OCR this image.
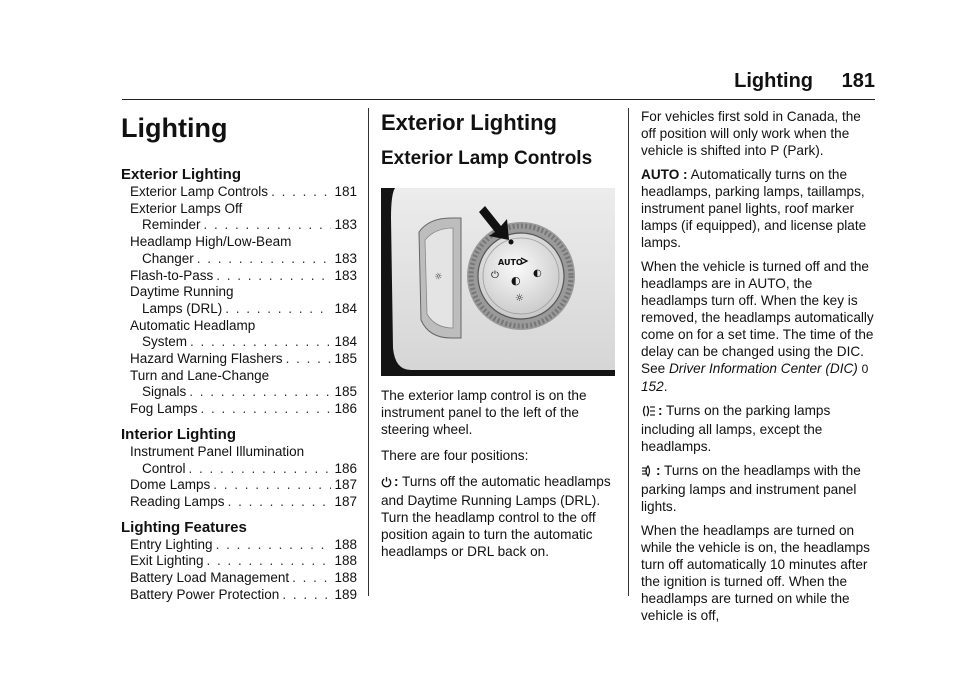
Lighting 181
Lighting
Exterior Lighting
Exterior Lamp Controls . . .	181
Exterior Lamps Off
Reminder . . .	183
Headlamp High/Low-Beam
Changer . . .	183
Flash-to-Pass . . .	183
Daytime Running
Lamps (DRL) . . .	184
Automatic Headlamp
System . . .	184
Hazard Warning Flashers . . .	185
Turn and Lane-Change
Signals . . .	185
Fog Lamps . . .	186
Interior Lighting
Instrument Panel Illumination
Control . . .	186
Dome Lamps . . .	187
Reading Lamps . . .	187
Lighting Features
Entry Lighting . . .	188
Exit Lighting . . .	188
Battery Load Management . . .	188
Battery Power Protection . . .	189
Exterior Lighting
Exterior Lamp Controls
☼
AUTO
⏻ ◐
◐
☼

The exterior lamp control is on the instrument panel to the left of the steering wheel.

There are four positions:

: Turns off the automatic headlamps and Daytime Running Lamps (DRL). Turn the headlamp control to the off position again to turn the automatic headlamps or DRL back on.

For vehicles first sold in Canada, the off position will only work when the vehicle is shifted into P (Park).

AUTO : Automatically turns on the headlamps, parking lamps, taillamps, instrument panel lights, roof marker lamps (if equipped), and license plate lamps.

When the vehicle is turned off and the headlamps are in AUTO, the headlamps turn off. When the key is removed, the headlamps automatically come on for a set time. The time of the delay can be changed using the DIC. See Driver Information Center (DIC) 0 152.

: Turns on the parking lamps including all lamps, except the headlamps.

: Turns on the headlamps with the parking lamps and instrument panel lights.

When the headlamps are turned on while the vehicle is on, the headlamps turn off automatically 10 minutes after the ignition is turned off. When the headlamps are turned on while the vehicle is off,
